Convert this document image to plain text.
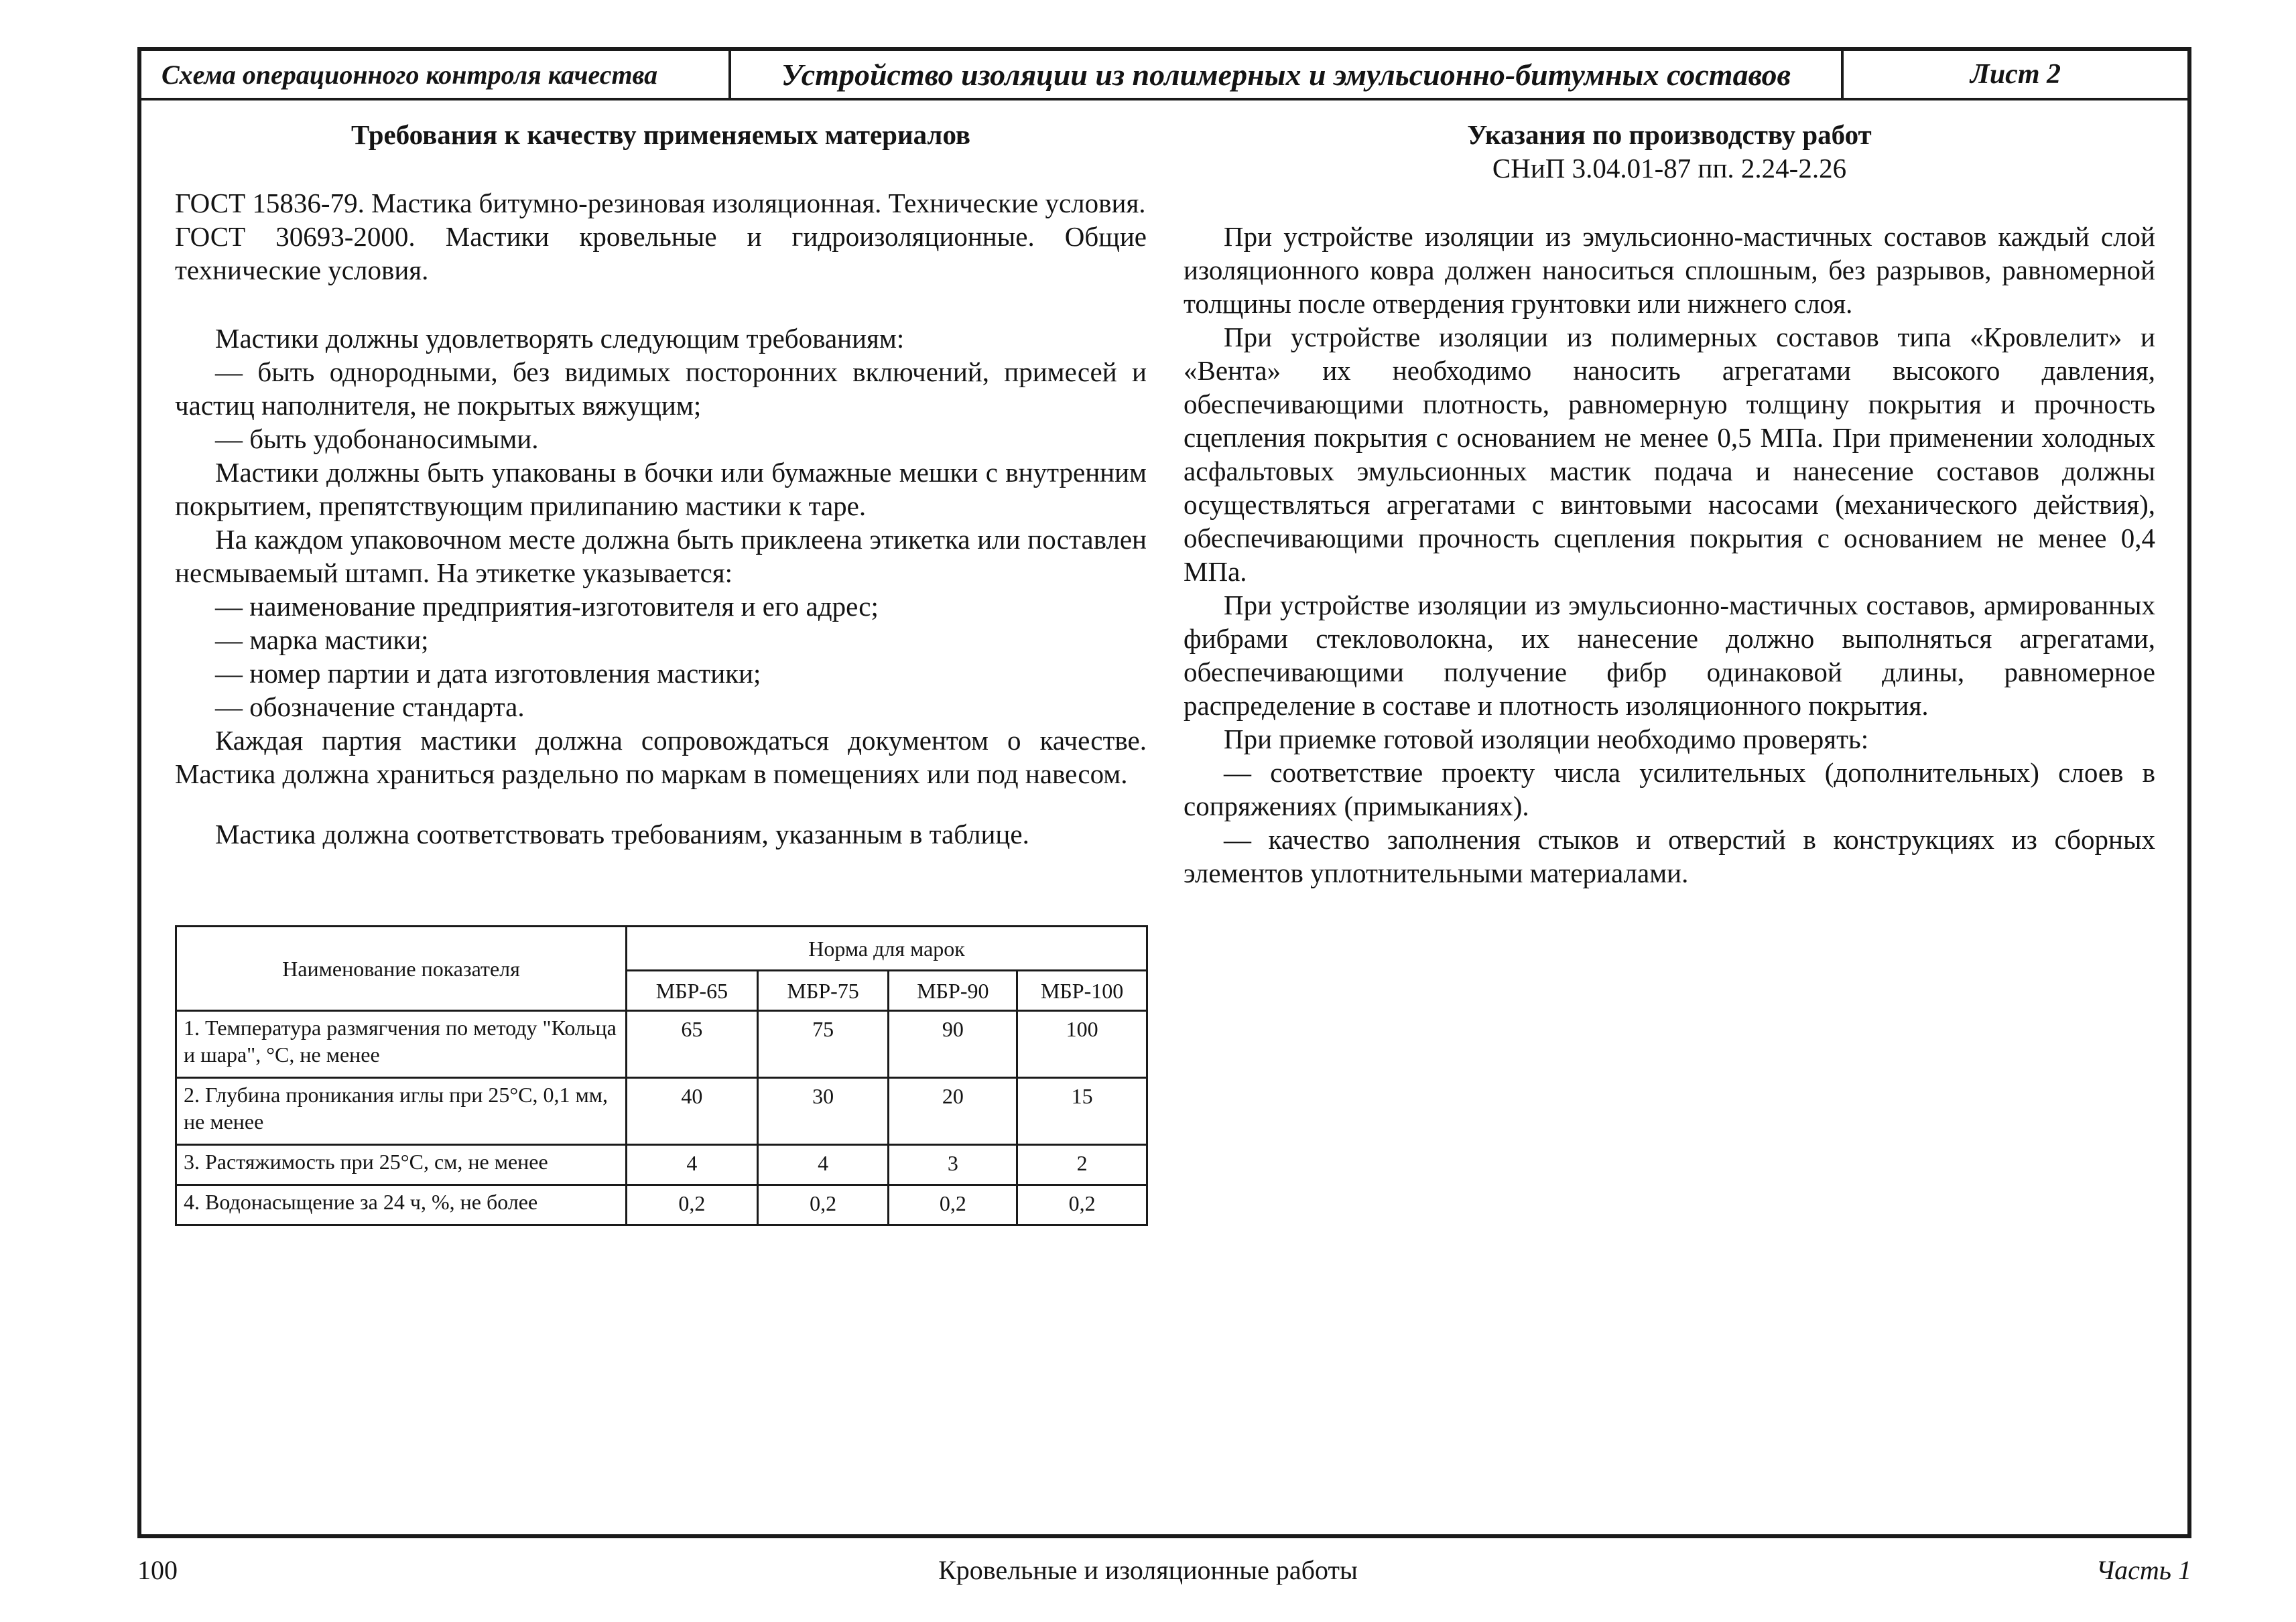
Схема операционного контроля качества	Устройство изоляции из полимерных и эмульсионно-битумных составов	Лист 2

Требования к качеству применяемых материалов

ГОСТ 15836-79. Мастика битумно-резиновая изоляционная. Технические условия.

ГОСТ 30693-2000. Мастики кровельные и гидроизоляционные. Общие технические условия.

Мастики должны удовлетворять следующим требованиям:

— быть однородными, без видимых посторонних включений, примесей и частиц наполнителя, не покрытых вяжущим;

— быть удобонаносимыми.

Мастики должны быть упакованы в бочки или бумажные мешки с внутренним покрытием, препятствующим прилипанию мастики к таре.

На каждом упаковочном месте должна быть приклеена этикетка или поставлен несмываемый штамп. На этикетке указывается:

— наименование предприятия-изготовителя и его адрес;

— марка мастики;

— номер партии и дата изготовления мастики;

— обозначение стандарта.

Каждая партия мастики должна сопровождаться документом о качестве. Мастика должна храниться раздельно по маркам в помещениях или под навесом.

Мастика должна соответствовать требованиям, указанным в таблице.

Наименование показателя	Норма для марок			
	МБР-65	МБР-75	МБР-90	МБР-100
1. Температура размягчения по методу "Кольца и шара", °С, не менее	65	75	90	100
2. Глубина проникания иглы при 25°С, 0,1 мм, не менее	40	30	20	15
3. Растяжимость при 25°С, см, не менее	4	4	3	2
4. Водонасыщение за 24 ч, %, не более	0,2	0,2	0,2	0,2

Указания по производству работ

СНиП 3.04.01-87 пп. 2.24-2.26

При устройстве изоляции из эмульсионно-мастичных составов каждый слой изоляционного ковра должен наноситься сплошным, без разрывов, равномерной толщины после отвердения грунтовки или нижнего слоя.

При устройстве изоляции из полимерных составов типа «Кровлелит» и «Вента» их необходимо наносить агрегатами высокого давления, обеспечивающими плотность, равномерную толщину покрытия и прочность сцепления покрытия с основанием не менее 0,5 МПа. При применении холодных асфальтовых эмульсионных мастик подача и нанесение составов должны осуществляться агрегатами с винтовыми насосами (механического действия), обеспечивающими прочность сцепления покрытия с основанием не менее 0,4 МПа.

При устройстве изоляции из эмульсионно-мастичных составов, армированных фибрами стекловолокна, их нанесение должно выполняться агрегатами, обеспечивающими получение фибр одинаковой длины, равномерное распределение в составе и плотность изоляционного покрытия.

При приемке готовой изоляции необходимо проверять:

— соответствие проекту числа усилительных (дополнительных) слоев в сопряжениях (примыканиях).

— качество заполнения стыков и отверстий в конструкциях из сборных элементов уплотнительными материалами.

100	Кровельные и изоляционные работы	Часть 1
